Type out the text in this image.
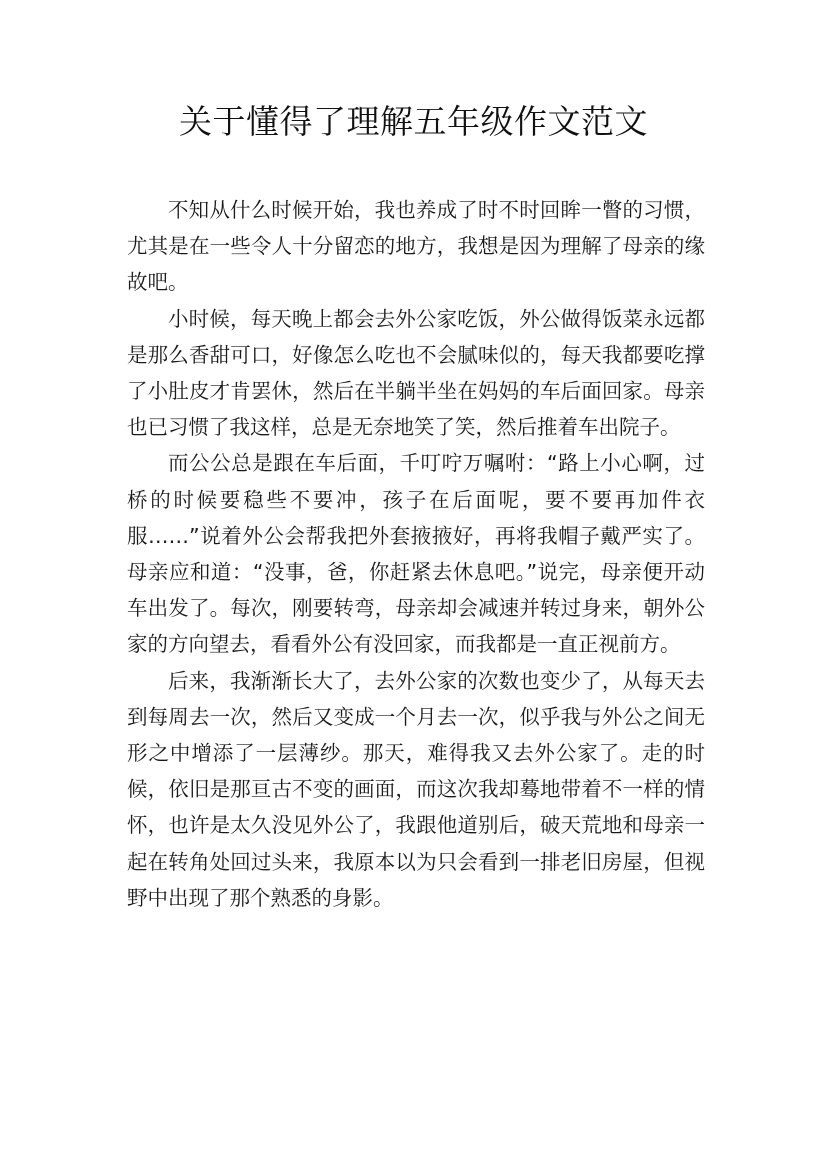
关于懂得了理解五年级作文范文

不知从什么时候开始，我也养成了时不时回眸一瞥的习惯，尤其是在一些令人十分留恋的地方，我想是因为理解了母亲的缘故吧。

小时候，每天晚上都会去外公家吃饭，外公做得饭菜永远都是那么香甜可口，好像怎么吃也不会腻味似的，每天我都要吃撑了小肚皮才肯罢休，然后在半躺半坐在妈妈的车后面回家。母亲也已习惯了我这样，总是无奈地笑了笑，然后推着车出院子。

而公公总是跟在车后面，千叮咛万嘱咐：“路上小心啊，过桥的时候要稳些不要冲，孩子在后面呢，要不要再加件衣服……”说着外公会帮我把外套掖掖好，再将我帽子戴严实了。母亲应和道：“没事，爸，你赶紧去休息吧。”说完，母亲便开动车出发了。每次，刚要转弯，母亲却会减速并转过身来，朝外公家的方向望去，看看外公有没回家，而我都是一直正视前方。

后来，我渐渐长大了，去外公家的次数也变少了，从每天去到每周去一次，然后又变成一个月去一次，似乎我与外公之间无形之中增添了一层薄纱。那天，难得我又去外公家了。走的时候，依旧是那亘古不变的画面，而这次我却蓦地带着不一样的情怀，也许是太久没见外公了，我跟他道别后，破天荒地和母亲一起在转角处回过头来，我原本以为只会看到一排老旧房屋，但视野中出现了那个熟悉的身影。
